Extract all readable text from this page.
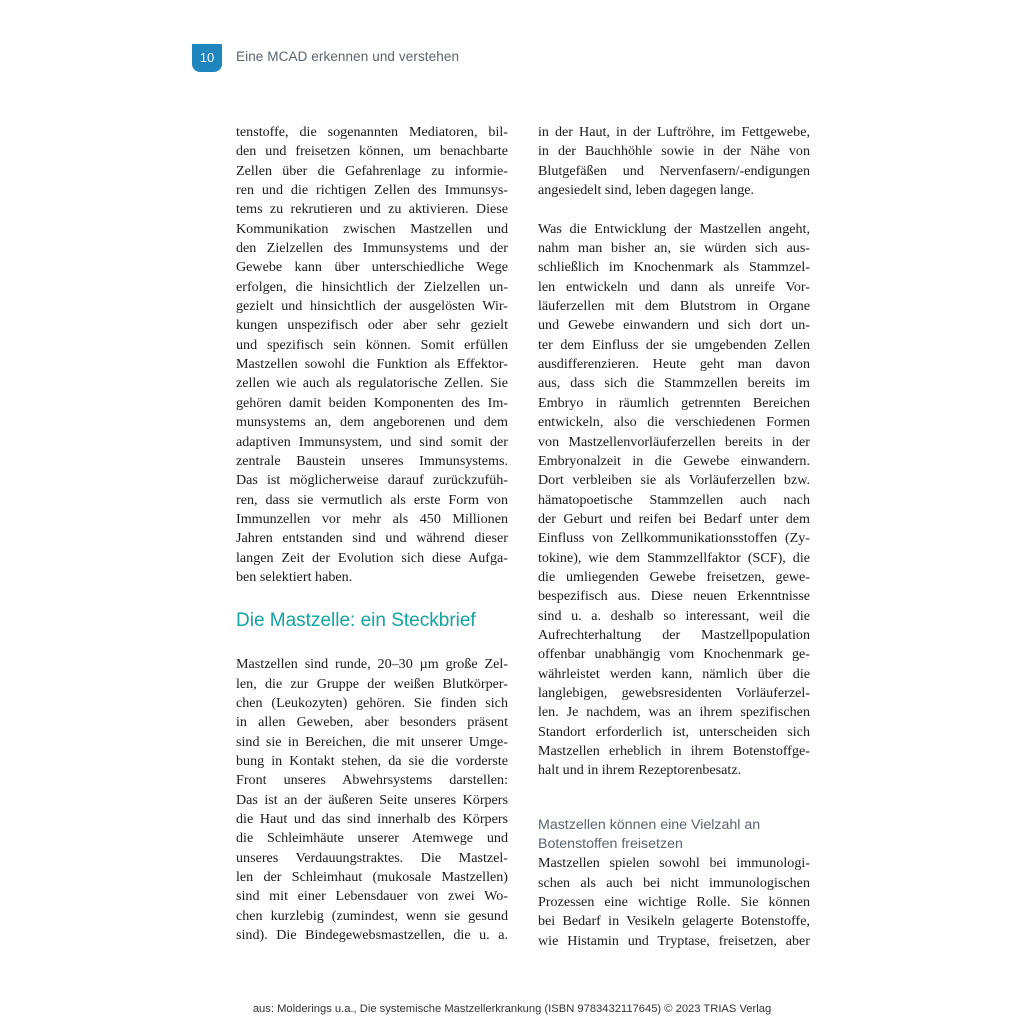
10	Eine MCAD erkennen und verstehen
tenstoffe, die sogenannten Mediatoren, bil-
den und freisetzen können, um benachbarte
Zellen über die Gefahrenlage zu informie-
ren und die richtigen Zellen des Immunsys-
tems zu rekrutieren und zu aktivieren. Diese
Kommunikation zwischen Mastzellen und
den Zielzellen des Immunsystems und der
Gewebe kann über unterschiedliche Wege
erfolgen, die hinsichtlich der Zielzellen un-
gezielt und hinsichtlich der ausgelösten Wir-
kungen unspezifisch oder aber sehr gezielt
und spezifisch sein können. Somit erfüllen
Mastzellen sowohl die Funktion als Effektor-
zellen wie auch als regulatorische Zellen. Sie
gehören damit beiden Komponenten des Im-
munsystems an, dem angeborenen und dem
adaptiven Immunsystem, und sind somit der
zentrale Baustein unseres Immunsystems.
Das ist möglicherweise darauf zurückzufüh-
ren, dass sie vermutlich als erste Form von
Immunzellen vor mehr als 450 Millionen
Jahren entstanden sind und während dieser
langen Zeit der Evolution sich diese Aufga-
ben selektiert haben.
Die Mastzelle: ein Steckbrief
Mastzellen sind runde, 20–30 µm große Zel-
len, die zur Gruppe der weißen Blutkörper-
chen (Leukozyten) gehören. Sie finden sich
in allen Geweben, aber besonders präsent
sind sie in Bereichen, die mit unserer Umge-
bung in Kontakt stehen, da sie die vorderste
Front unseres Abwehrsystems darstellen:
Das ist an der äußeren Seite unseres Körpers
die Haut und das sind innerhalb des Körpers
die Schleimhäute unserer Atemwege und
unseres Verdauungstraktes. Die Mastzel-
len der Schleimhaut (mukosale Mastzellen)
sind mit einer Lebensdauer von zwei Wo-
chen kurzlebig (zumindest, wenn sie gesund
sind). Die Bindegewebsmastzellen, die u. a.
in der Haut, in der Luftröhre, im Fettgewebe,
in der Bauchhöhle sowie in der Nähe von
Blutgefäßen und Nervenfasern/-endigungen
angesiedelt sind, leben dagegen lange.
Was die Entwicklung der Mastzellen angeht,
nahm man bisher an, sie würden sich aus-
schließlich im Knochenmark als Stammzel-
len entwickeln und dann als unreife Vor-
läuferzellen mit dem Blutstrom in Organe
und Gewebe einwandern und sich dort un-
ter dem Einfluss der sie umgebenden Zellen
ausdifferenzieren. Heute geht man davon
aus, dass sich die Stammzellen bereits im
Embryo in räumlich getrennten Bereichen
entwickeln, also die verschiedenen Formen
von Mastzellenvorläuferzellen bereits in der
Embryonalzeit in die Gewebe einwandern.
Dort verbleiben sie als Vorläuferzellen bzw.
hämatopoetische Stammzellen auch nach
der Geburt und reifen bei Bedarf unter dem
Einfluss von Zellkommunikationsstoffen (Zy-
tokine), wie dem Stammzellfaktor (SCF), die
die umliegenden Gewebe freisetzen, gewe-
bespezifisch aus. Diese neuen Erkenntnisse
sind u. a. deshalb so interessant, weil die
Aufrechterhaltung der Mastzellpopulation
offenbar unabhängig vom Knochenmark ge-
währleistet werden kann, nämlich über die
langlebigen, gewebsresidenten Vorläuferzel-
len. Je nachdem, was an ihrem spezifischen
Standort erforderlich ist, unterscheiden sich
Mastzellen erheblich in ihrem Botenstoffge-
halt und in ihrem Rezeptorenbesatz.
Mastzellen können eine Vielzahl an
Botenstoffen freisetzen
Mastzellen spielen sowohl bei immunologi-
schen als auch bei nicht immunologischen
Prozessen eine wichtige Rolle. Sie können
bei Bedarf in Vesikeln gelagerte Botenstoffe,
wie Histamin und Tryptase, freisetzen, aber
aus: Molderings u.a., Die systemische Mastzellerkrankung (ISBN 9783432117645) © 2023 TRIAS Verlag
